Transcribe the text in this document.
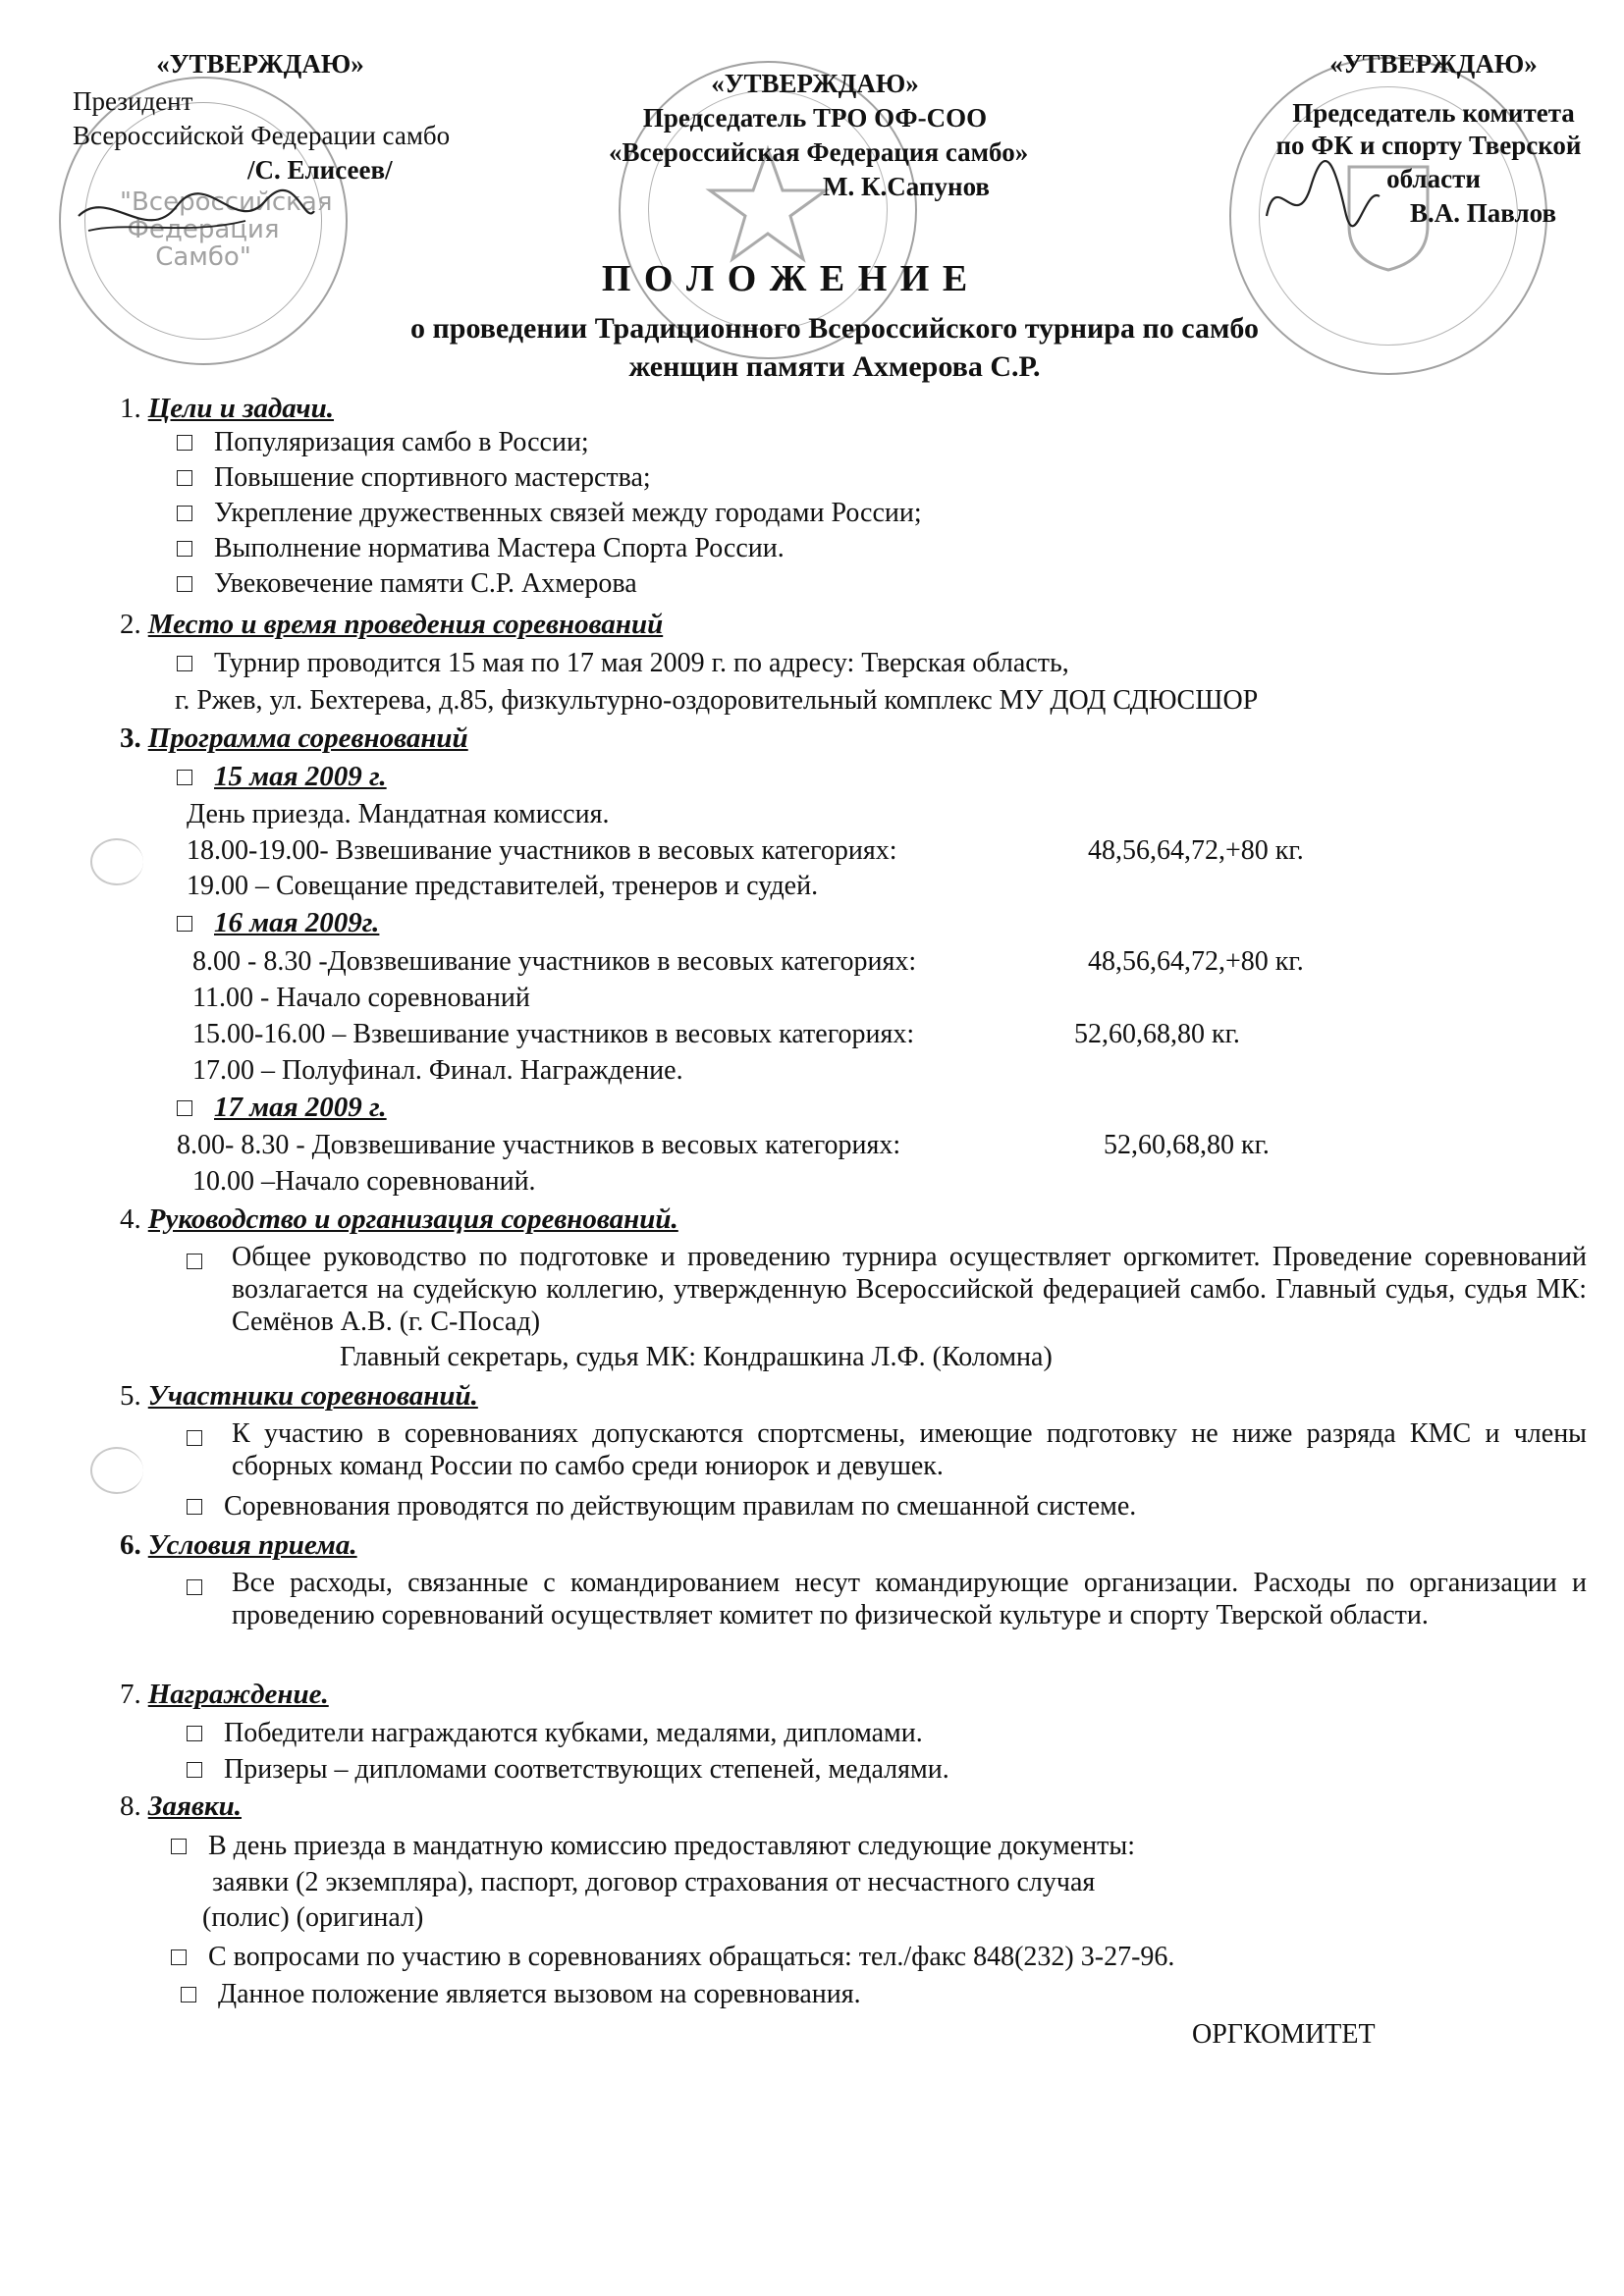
"Всероссийская Федерация Самбо"
«УТВЕРЖДАЮ»
Президент
Всероссийской Федерации самбо
/С. Елисеев/
«УТВЕРЖДАЮ»
Председатель ТРО ОФ-СОО
«Всероссийская Федерация самбо»
М. К.Сапунов
«УТВЕРЖДАЮ»
Председатель комитета
по ФК и спорту Тверской
области
В.А. Павлов
П О Л О Ж Е Н И Е
о проведении Традиционного Всероссийского турнира по самбо
женщин памяти Ахмерова С.Р.
1. Цели и задачи.
Популяризация самбо в России;
Повышение спортивного мастерства;
Укрепление дружественных связей между городами России;
Выполнение норматива Мастера Спорта России.
Увековечение памяти С.Р. Ахмерова
2. Место и время проведения соревнований
Турнир проводится 15 мая по 17 мая 2009 г. по адресу: Тверская область,
г. Ржев, ул. Бехтерева, д.85, физкультурно-оздоровительный комплекс МУ ДОД СДЮСШОР
3. Программа соревнований
15 мая 2009 г.
День приезда. Мандатная комиссия.
18.00-19.00- Взвешивание участников в весовых категориях:	48,56,64,72,+80 кг.
19.00 – Совещание представителей, тренеров и судей.
16 мая 2009г.
8.00 - 8.30 -Довзвешивание участников в весовых категориях:	48,56,64,72,+80 кг.
11.00 - Начало соревнований
15.00-16.00 – Взвешивание участников в весовых категориях:	52,60,68,80 кг.
17.00 – Полуфинал. Финал. Награждение.
17 мая 2009 г.
8.00- 8.30 - Довзвешивание участников в весовых категориях:	52,60,68,80 кг.
10.00 –Начало соревнований.
4. Руководство и организация соревнований.
Общее руководство по подготовке и проведению турнира осуществляет оргкомитет. Проведение соревнований возлагается на судейскую коллегию, утвержденную Всероссийской федерацией самбо. Главный судья, судья МК: Семёнов А.В. (г. С-Посад)
Главный секретарь, судья МК: Кондрашкина Л.Ф. (Коломна)
5. Участники соревнований.
К участию в соревнованиях допускаются спортсмены, имеющие подготовку не ниже разряда КМС и члены сборных команд России по самбо среди юниорок и девушек.
Соревнования проводятся по действующим правилам по смешанной системе.
6. Условия приема.
Все расходы, связанные с командированием несут командирующие организации. Расходы по организации и проведению соревнований осуществляет комитет по физической культуре и спорту Тверской области.
7. Награждение.
Победители награждаются кубками, медалями, дипломами.
Призеры – дипломами соответствующих степеней, медалями.
8. Заявки.
В день приезда в мандатную комиссию предоставляют следующие документы:
заявки (2 экземпляра), паспорт, договор страхования от несчастного случая
(полис) (оригинал)
С вопросами по участию в соревнованиях обращаться: тел./факс 848(232) 3-27-96.
Данное положение является вызовом на соревнования.
ОРГКОМИТЕТ
